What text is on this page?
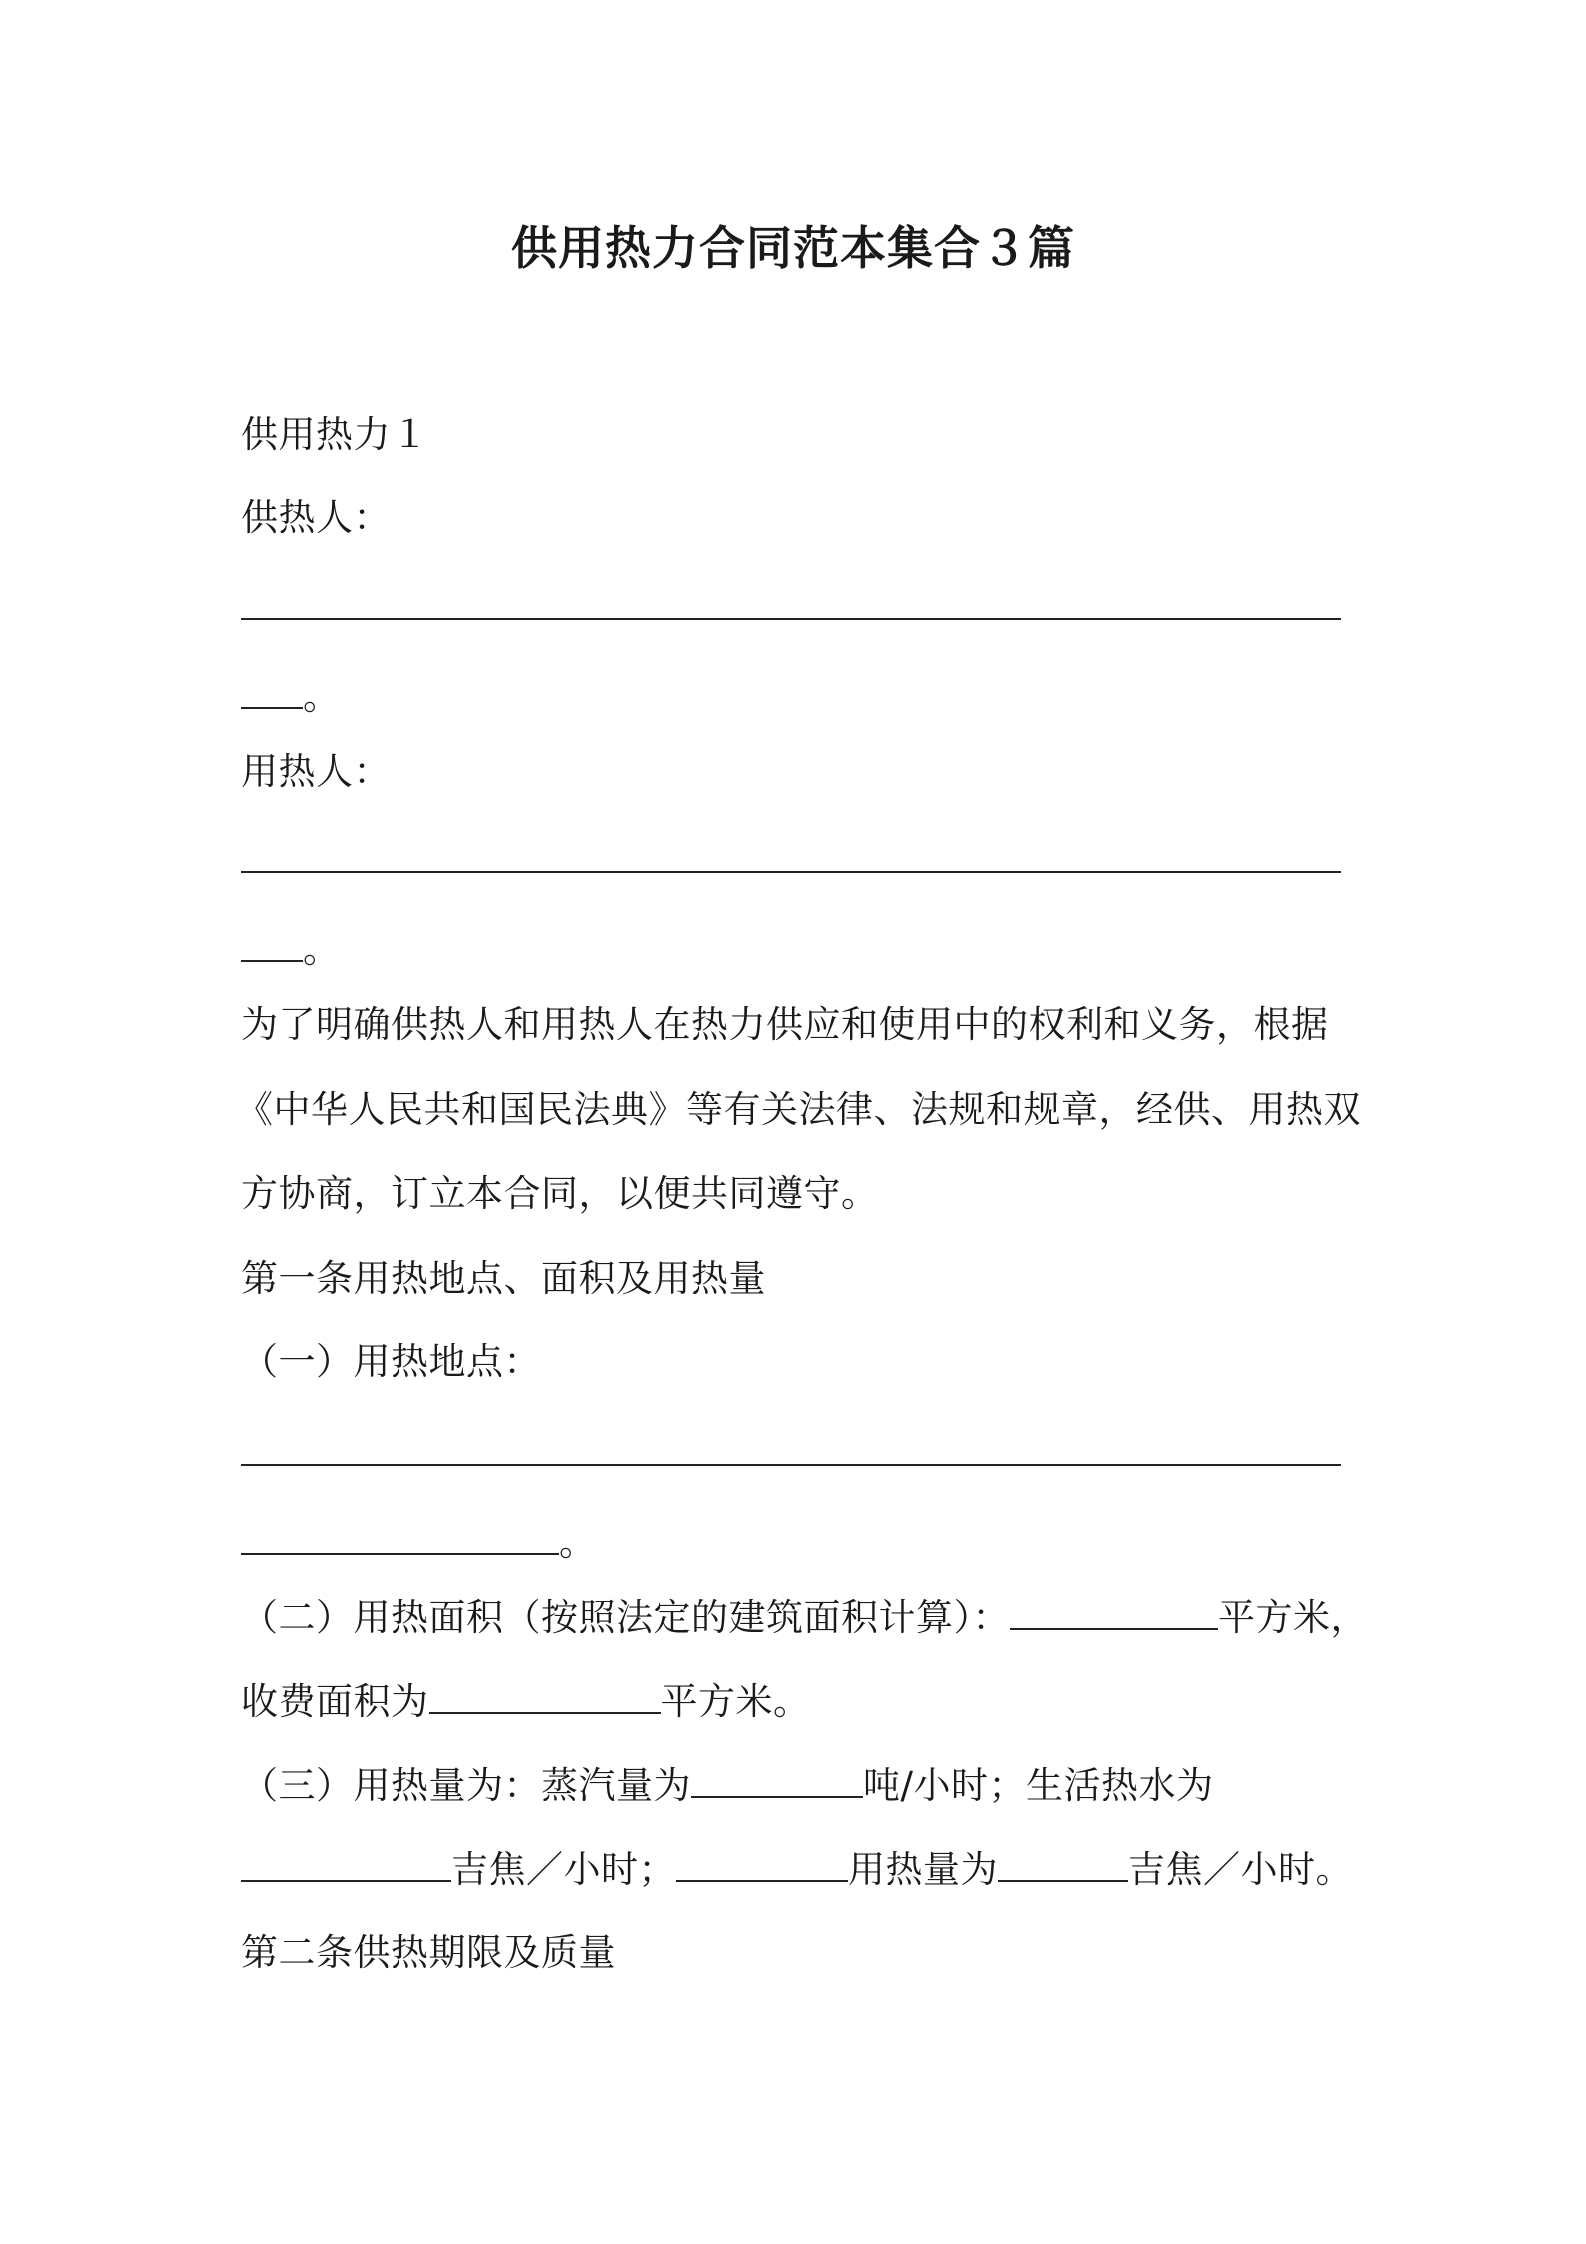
供用热力合同范本集合３篇
供用热力１
供热人：
。
用热人：
。
为了明确供热人和用热人在热力供应和使用中的权利和义务，根据
《中华人民共和国民法典》等有关法律、法规和规章，经供、用热双
方协商，订立本合同，以便共同遵守。
第一条用热地点、面积及用热量
（一）用热地点：
。
（二）用热面积（按照法定的建筑面积计算）：	平方米，
收费面积为	平方米。
（三）用热量为：蒸汽量为	吨/小时；生活热水为
吉焦／小时；	用热量为	吉焦／小时。
第二条供热期限及质量
